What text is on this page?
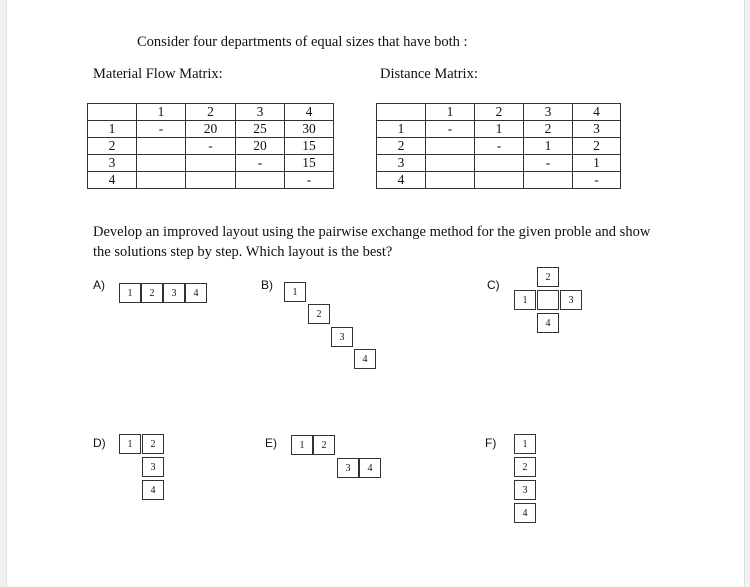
Consider four departments of equal sizes that have both :
Material Flow Matrix:	Distance Matrix:
	1	2	3	4
1	-	20	25	30
2		-	20	15
3			-	15
4				-
	1	2	3	4
1	-	1	2	3
2		-	1	2
3			-	1
4				-
Develop an improved layout using the pairwise exchange method for the given proble and show the solutions step by step. Which layout is the best?
A)
1	2	3	4
B)
1
2
3
4
C)
2
1	3
4
D)	1	2
3
4
E)	1	2
3	4
F)	1
2
3
4
